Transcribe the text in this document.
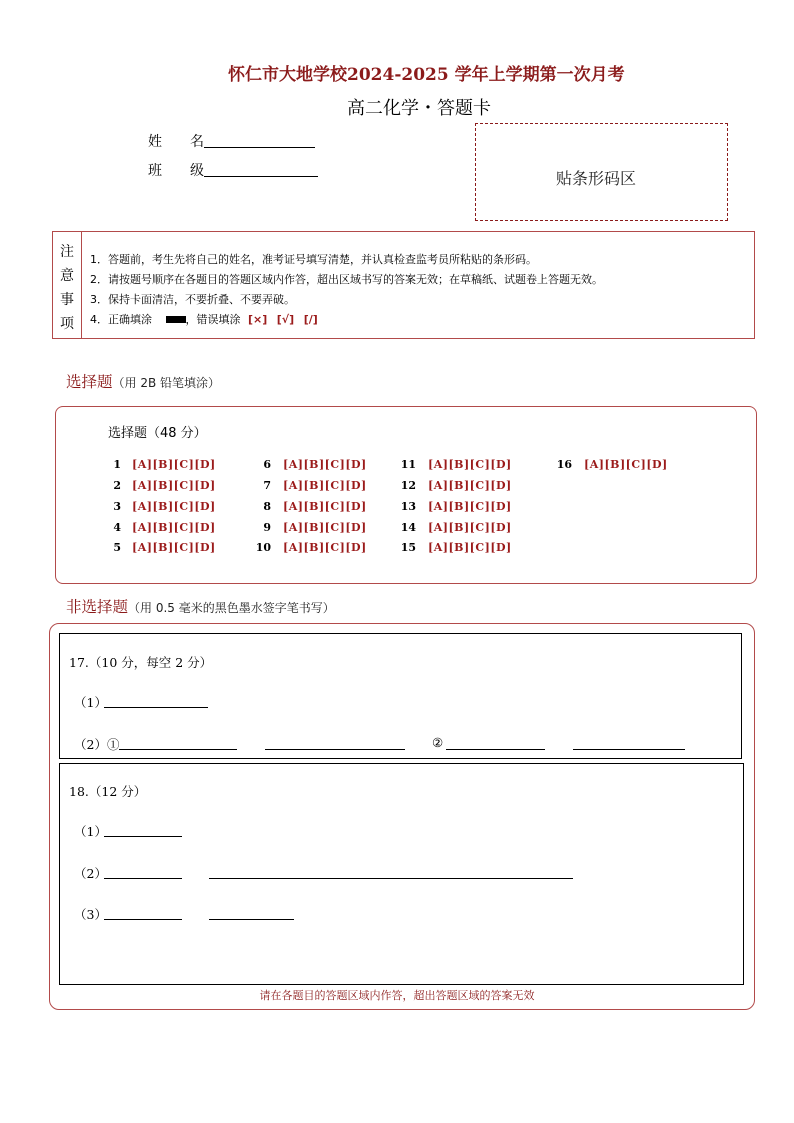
怀仁市大地学校2024-2025 学年上学期第一次月考
高二化学・答题卡
姓　　名
班　　级	贴条形码区
注
意
事
项
1．答题前，考生先将自己的姓名，准考证号填写清楚，并认真检查监考员所粘贴的条形码。
2．请按题号顺序在各题目的答题区域内作答，超出区域书写的答案无效；在草稿纸、试题卷上答题无效。
3．保持卡面清洁，不要折叠、不要弄破。
4．正确填涂	，错误填涂 [×] [√] [/]
选择题（用 2B 铅笔填涂）
选择题（48 分）
1 [A][B][C][D]
2 [A][B][C][D]
3 [A][B][C][D]
4 [A][B][C][D]
5 [A][B][C][D]
6 [A][B][C][D]
7 [A][B][C][D]
8 [A][B][C][D]
9 [A][B][C][D]
10 [A][B][C][D]
11 [A][B][C][D]
12 [A][B][C][D]
13 [A][B][C][D]
14 [A][B][C][D]
15 [A][B][C][D]
16 [A][B][C][D]
非选择题（用 0.5 毫米的黑色墨水签字笔书写）
17.（10 分，每空 2 分）
（1）
（2）①	②
18.（12 分）
（1）
（2）
（3）
请在各题目的答题区域内作答，超出答题区域的答案无效
